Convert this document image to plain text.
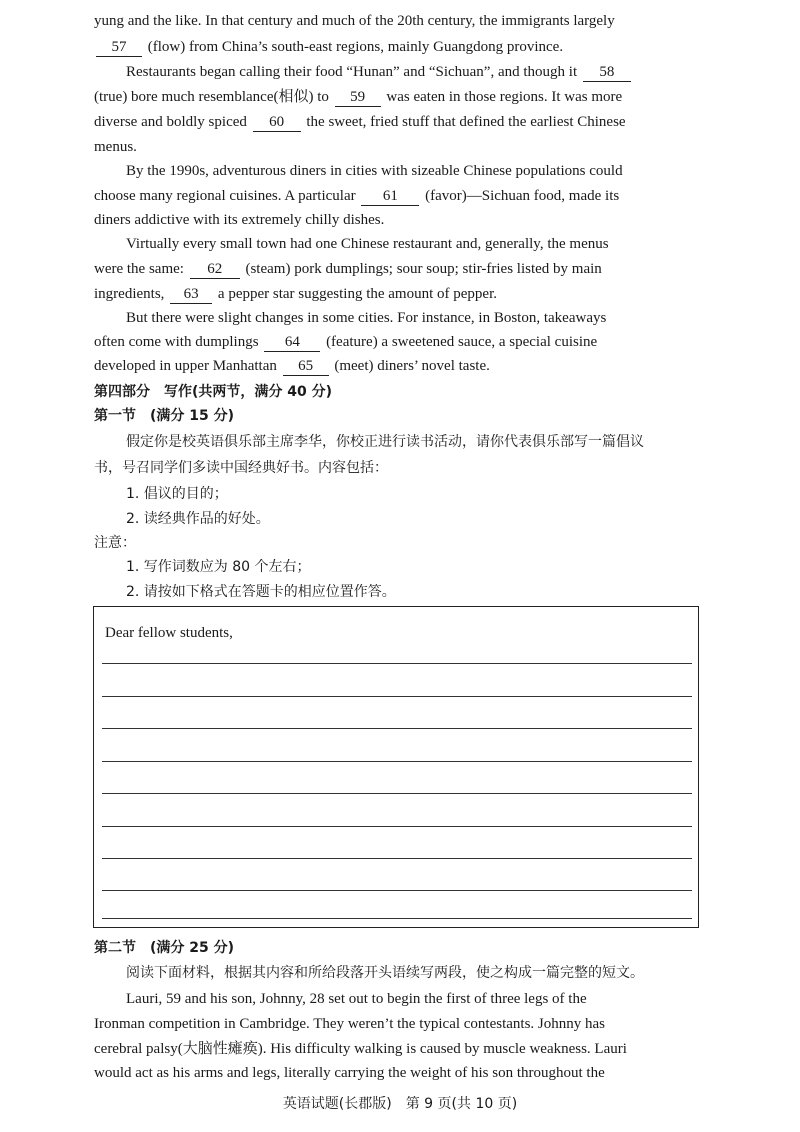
yung and the like. In that century and much of the 20th century, the immigrants largely
57 (flow) from China’s south-east regions, mainly Guangdong province.
Restaurants began calling their food “Hunan” and “Sichuan”, and though it 58
(true) bore much resemblance(相似) to 59 was eaten in those regions. It was more
diverse and boldly spiced 60 the sweet, fried stuff that defined the earliest Chinese
menus.
By the 1990s, adventurous diners in cities with sizeable Chinese populations could
choose many regional cuisines. A particular 61 (favor)—Sichuan food, made its
diners addictive with its extremely chilly dishes.
Virtually every small town had one Chinese restaurant and, generally, the menus
were the same: 62 (steam) pork dumplings; sour soup; stir-fries listed by main
ingredients, 63 a pepper star suggesting the amount of pepper.
But there were slight changes in some cities. For instance, in Boston, takeaways
often come with dumplings 64 (feature) a sweetened sauce, a special cuisine
developed in upper Manhattan 65 (meet) diners’ novel taste.
第四部分　写作(共两节，满分 40 分)
第一节　(满分 15 分)
假定你是校英语俱乐部主席李华，你校正进行读书活动，请你代表俱乐部写一篇倡议
书，号召同学们多读中国经典好书。内容包括：
1. 倡议的目的；
2. 读经典作品的好处。
注意：
1. 写作词数应为 80 个左右；
2. 请按如下格式在答题卡的相应位置作答。
Dear fellow students,
第二节　(满分 25 分)
阅读下面材料，根据其内容和所给段落开头语续写两段，使之构成一篇完整的短文。
Lauri, 59 and his son, Johnny, 28 set out to begin the first of three legs of the
Ironman competition in Cambridge. They weren’t the typical contestants. Johnny has
cerebral palsy(大脑性瘫痪). His difficulty walking is caused by muscle weakness. Lauri
would act as his arms and legs, literally carrying the weight of his son throughout the
英语试题(长郡版)　第 9 页(共 10 页)
